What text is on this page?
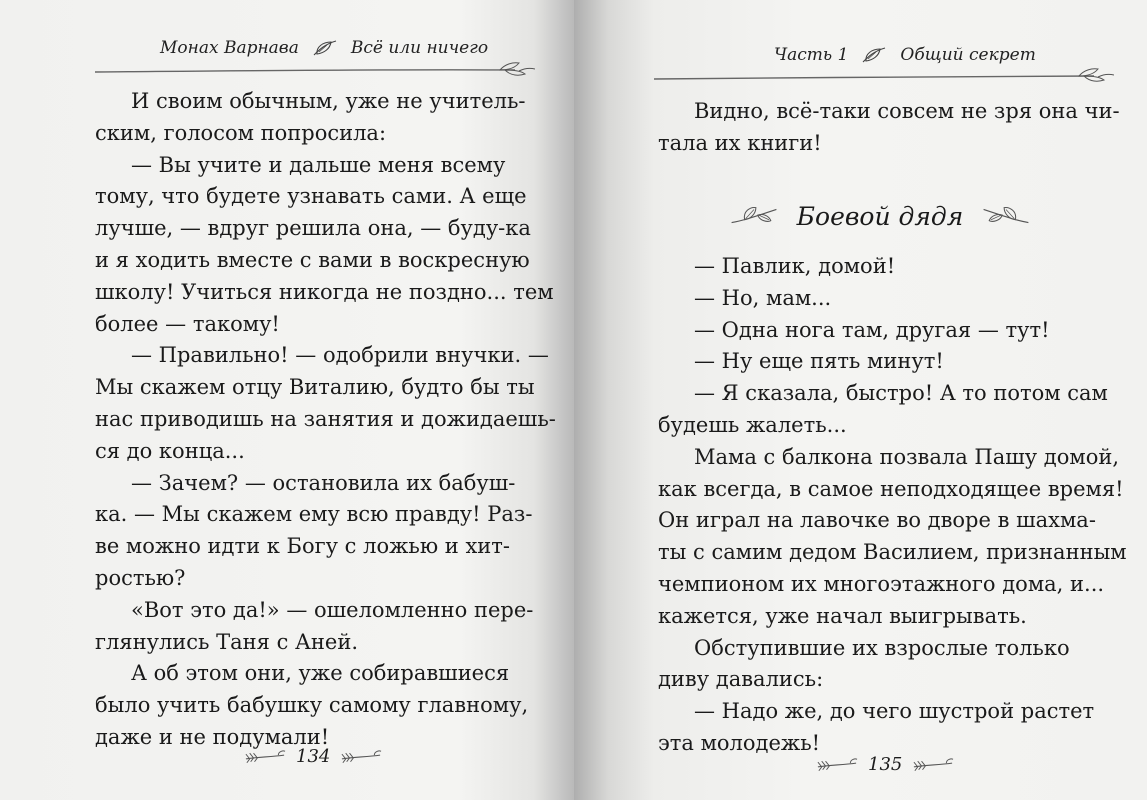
Монах Варнава	Всё или ничего
И своим обычным, уже не учитель-
ским, голосом попросила:
— Вы учите и дальше меня всему
тому, что будете узнавать сами. А еще
лучше, — вдруг решила она, — буду-ка
и я ходить вместе с вами в воскресную
школу! Учиться никогда не поздно... тем
более — такому!
— Правильно! — одобрили внучки. —
Мы скажем отцу Виталию, будто бы ты
нас приводишь на занятия и дожидаешь-
ся до конца...
— Зачем? — остановила их бабуш-
ка. — Мы скажем ему всю правду! Раз-
ве можно идти к Богу с ложью и хит-
ростью?
«Вот это да!» — ошеломленно пере-
глянулись Таня с Аней.
А об этом они, уже собиравшиеся
было учить бабушку самому главному,
даже и не подумали!
134
Часть 1	Общий секрет
Видно, всё-таки совсем не зря она чи-
тала их книги!
Боевой дядя
— Павлик, домой!
— Но, мам...
— Одна нога там, другая — тут!
— Ну еще пять минут!
— Я сказала, быстро! А то потом сам
будешь жалеть...
Мама с балкона позвала Пашу домой,
как всегда, в самое неподходящее время!
Он играл на лавочке во дворе в шахма-
ты с самим дедом Василием, признанным
чемпионом их многоэтажного дома, и...
кажется, уже начал выигрывать.
Обступившие их взрослые только
диву давались:
— Надо же, до чего шустрой растет
эта молодежь!
135
